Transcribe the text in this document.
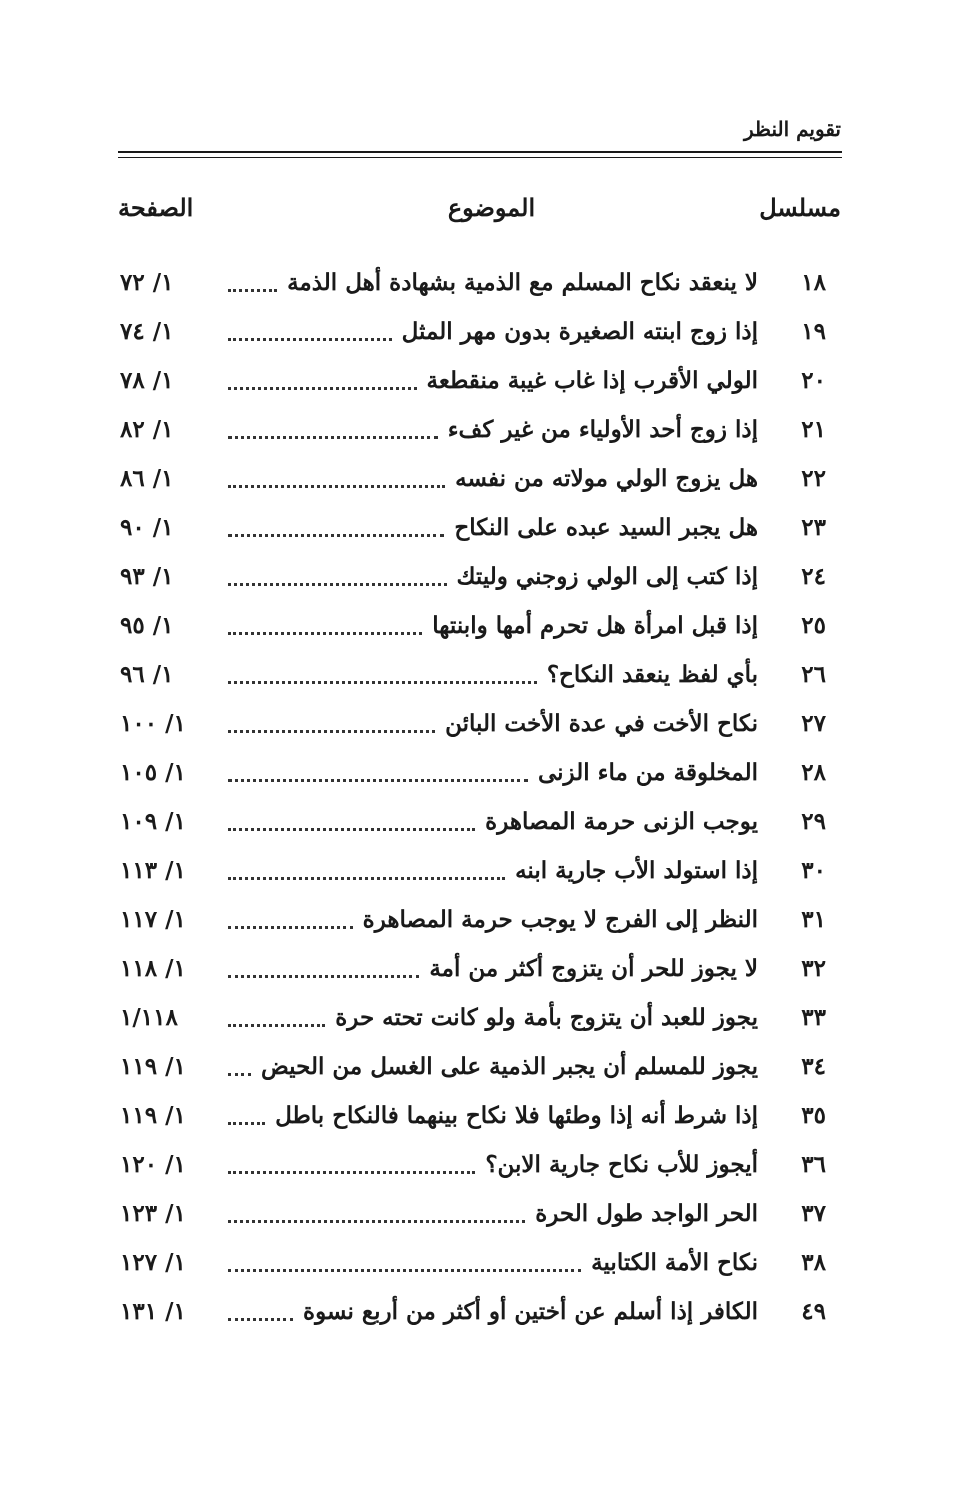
تقويم النظر
مسلسل
الموضوع
الصفحة
١٨
لا ينعقد نكاح المسلم مع الذمية بشهادة أهل الذمة
١/ ٧٢
١٩
إذا زوج ابنته الصغيرة بدون مهر المثل
١/ ٧٤
٢٠
الولي الأقرب إذا غاب غيبة منقطعة
١/ ٧٨
٢١
إذا زوج أحد الأولياء من غير كفء
١/ ٨٢
٢٢
هل يزوج الولي مولاته من نفسه
١/ ٨٦
٢٣
هل يجبر السيد عبده على النكاح
١/ ٩٠
٢٤
إذا كتب إلى الولي زوجني وليتك
١/ ٩٣
٢٥
إذا قبل امرأة هل تحرم أمها وابنتها
١/ ٩٥
٢٦
بأي لفظ ينعقد النكاح؟
١/ ٩٦
٢٧
نكاح الأخت في عدة الأخت البائن
١/ ١٠٠
٢٨
المخلوقة من ماء الزنى
١/ ١٠٥
٢٩
يوجب الزنى حرمة المصاهرة
١/ ١٠٩
٣٠
إذا استولد الأب جارية ابنه
١/ ١١٣
٣١
النظر إلى الفرج لا يوجب حرمة المصاهرة
١/ ١١٧
٣٢
لا يجوز للحر أن يتزوج أكثر من أمة
١/ ١١٨
٣٣
يجوز للعبد أن يتزوج بأمة ولو كانت تحته حرة
١/١١٨
٣٤
يجوز للمسلم أن يجبر الذمية على الغسل من الحيض
١/ ١١٩
٣٥
إذا شرط أنه إذا وطئها فلا نكاح بينهما فالنكاح باطل
١/ ١١٩
٣٦
أيجوز للأب نكاح جارية الابن؟
١/ ١٢٠
٣٧
الحر الواجد طول الحرة
١/ ١٢٣
٣٨
نكاح الأمة الكتابية
١/ ١٢٧
٤٩
الكافر إذا أسلم عن أختين أو أكثر من أربع نسوة
١/ ١٣١
